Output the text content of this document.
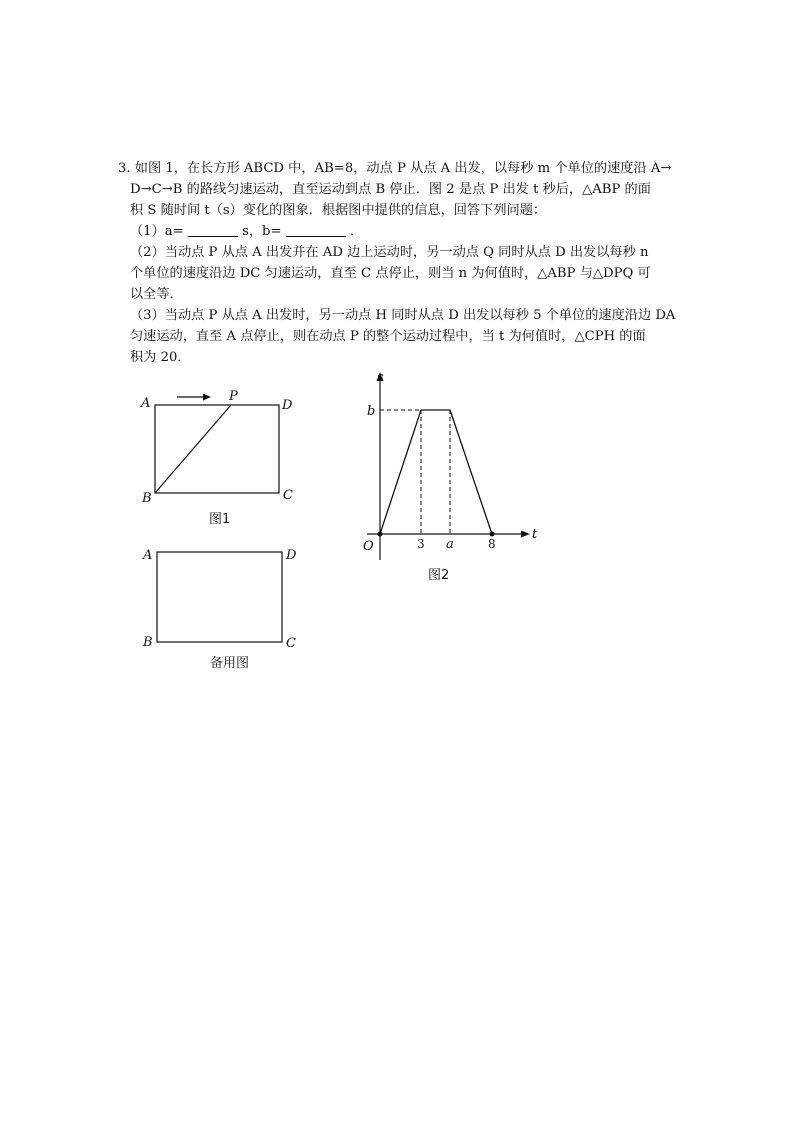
3. 如图 1，在长方形 ABCD 中，AB=8，动点 P 从点 A 出发，以每秒 m 个单位的速度沿 A→
D→C→B 的路线匀速运动，直至运动到点 B 停止．图 2 是点 P 出发 t 秒后，△ABP 的面
积 S 随时间 t（s）变化的图象．根据图中提供的信息，回答下列问题：
（1）a=	s，b=	．
（2）当动点 P 从点 A 出发并在 AD 边上运动时，另一动点 Q 同时从点 D 出发以每秒 n
个单位的速度沿边 DC 匀速运动，直至 C 点停止，则当 n 为何值时，△ABP 与△DPQ 可
以全等．
（3）当动点 P 从点 A 出发时，另一动点 H 同时从点 D 出发以每秒 5 个单位的速度沿边 DA
匀速运动，直至 A 点停止，则在动点 P 的整个运动过程中，当 t 为何值时，△CPH 的面
积为 20．
A	P
D
B	C
图1
A	D
B	C
备用图
s
t
O
b
3 a	8
图2
